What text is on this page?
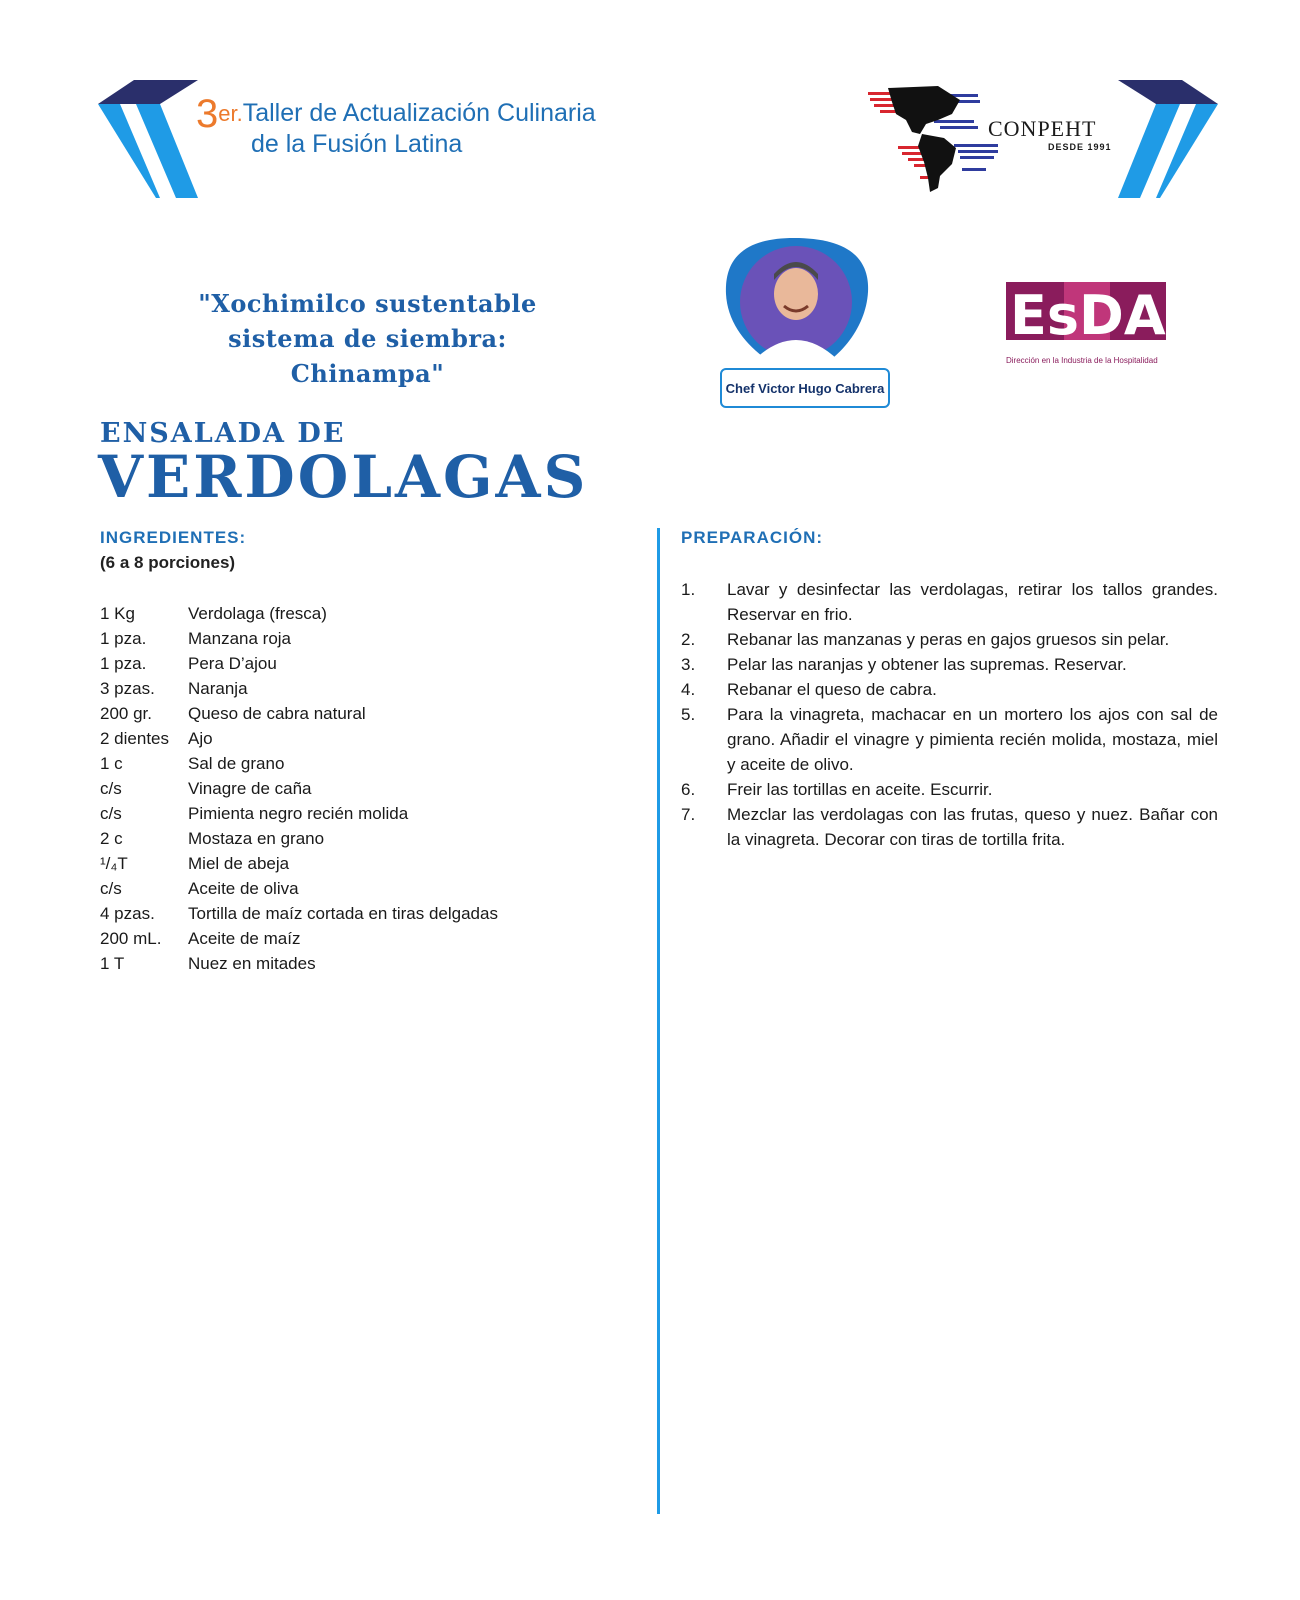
3er.Taller de Actualización Culinaria
de la Fusión Latina
CONPEHT
DESDE 1991
"Xochimilco sustentable
sistema de siembra: Chinampa"	Chef Victor Hugo Cabrera
EsDAI
Dirección en la Industria de la Hospitalidad
ENSALADA DE
VERDOLAGAS
INGREDIENTES:
(6 a 8 porciones)
1 Kg	Verdolaga (fresca)
1 pza.	Manzana roja
1 pza.	Pera D’ajou
3 pzas.	Naranja
200 gr.	Queso de cabra natural
2 dientes	Ajo
1 c	Sal de grano
c/s	Vinagre de caña
c/s	Pimienta negro recién molida
2 c	Mostaza en grano
¹/₄T	Miel de abeja
c/s	Aceite de oliva
4 pzas.	Tortilla de maíz cortada en tiras delgadas
200 mL.	Aceite de maíz
1 T	Nuez en mitades
PREPARACIÓN:
1.	Lavar y desinfectar las verdolagas, retirar los tallos grandes. Reservar en frio.
2.	Rebanar las manzanas y peras en gajos gruesos sin pelar.
3.	Pelar las naranjas y obtener las supremas. Reservar.
4.	Rebanar el queso de cabra.
5.	Para la vinagreta, machacar en un mortero los ajos con sal de grano. Añadir el vinagre y pimienta recién molida, mostaza, miel y aceite de olivo.
6.	Freir las tortillas en aceite. Escurrir.
7.	Mezclar las verdolagas con las frutas, queso y nuez. Bañar con la vinagreta. Decorar con tiras de tortilla frita.
